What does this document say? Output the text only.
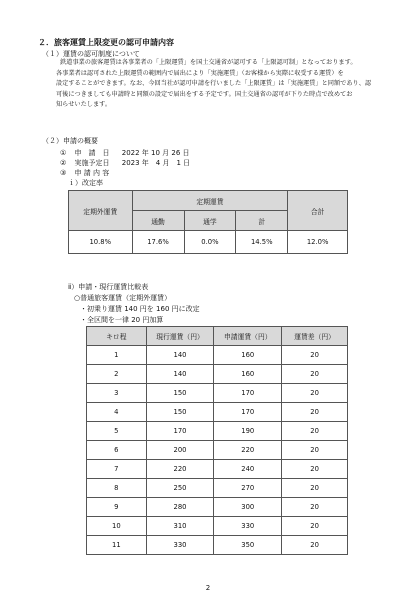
２．旅客運賃上限変更の認可申請内容
（１）運賃の認可制度について
鉄道事業の旅客運賃は各事業者の「上限運賃」を国土交通省が認可する「上限認可制」となっております。
各事業者は認可された上限運賃の範囲内で届出により「実施運賃」（お客様から実際に収受する運賃）を
設定することができます。なお、今回当社が認可申請を行いました「上限運賃」は「実施運賃」と同額であり、認
可後につきましても申請時と同額の設定で届出をする予定です。国土交通省の認可が下りた時点で改めてお
知らせいたします。
（２）申請の概要
① 申　請　日 2022 年 10 月 26 日
② 実施予定日 2023 年　4 月　1 日
③ 申 請 内 容
ｉ）改定率
定期外運賃	定期運賃			合計
	通勤	通学	計	
10.8%	17.6%	0.0%	14.5%	12.0%
ⅱ）申請・現行運賃比較表
○普通旅客運賃（定期外運賃）
・初乗り運賃 140 円を 160 円に改定
・全区間を一律 20 円加算
キロ程	現行運賃（円）	申請運賃（円）	運賃差（円）
1	140	160	20
2	140	160	20
3	150	170	20
4	150	170	20
5	170	190	20
6	200	220	20
7	220	240	20
8	250	270	20
9	280	300	20
10	310	330	20
11	330	350	20
2
